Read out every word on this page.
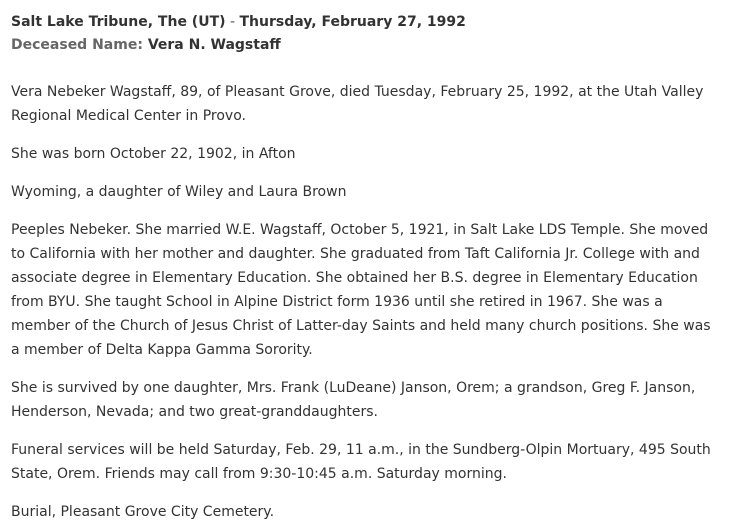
Salt Lake Tribune, The (UT) - Thursday, February 27, 1992
Deceased Name: Vera N. Wagstaff

Vera Nebeker Wagstaff, 89, of Pleasant Grove, died Tuesday, February 25, 1992, at the Utah Valley Regional Medical Center in Provo.

She was born October 22, 1902, in Afton

Wyoming, a daughter of Wiley and Laura Brown

Peeples Nebeker. She married W.E. Wagstaff, October 5, 1921, in Salt Lake LDS Temple. She moved to California with her mother and daughter. She graduated from Taft California Jr. College with and associate degree in Elementary Education. She obtained her B.S. degree in Elementary Education from BYU. She taught School in Alpine District form 1936 until she retired in 1967. She was a member of the Church of Jesus Christ of Latter-day Saints and held many church positions. She was a member of Delta Kappa Gamma Sorority.

She is survived by one daughter, Mrs. Frank (LuDeane) Janson, Orem; a grandson, Greg F. Janson, Henderson, Nevada; and two great-granddaughters.

Funeral services will be held Saturday, Feb. 29, 11 a.m., in the Sundberg-Olpin Mortuary, 495 South State, Orem. Friends may call from 9:30-10:45 a.m. Saturday morning.

Burial, Pleasant Grove City Cemetery.
